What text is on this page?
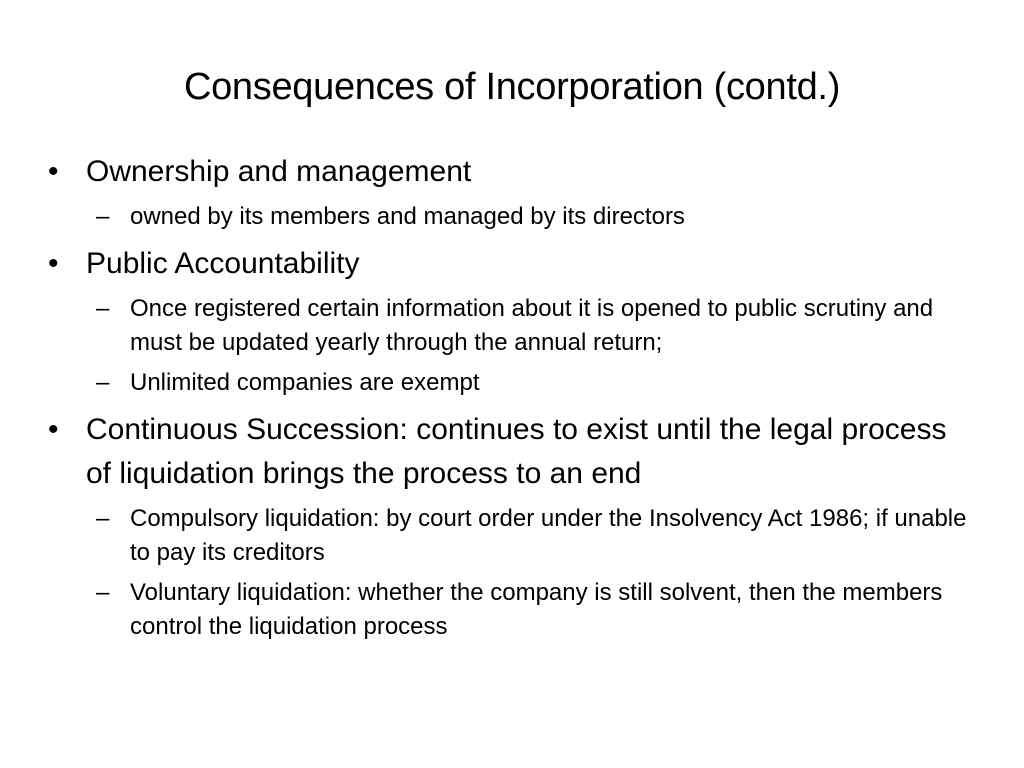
Consequences of Incorporation (contd.)
• Ownership and management
– owned by its members and managed by its directors
• Public Accountability
– Once registered certain information about it is opened to public scrutiny and must be updated yearly through the annual return;
– Unlimited companies are exempt
• Continuous Succession: continues to exist until the legal process of liquidation brings the process to an end
– Compulsory liquidation: by court order under the Insolvency Act 1986; if unable to pay its creditors
– Voluntary liquidation: whether the company is still solvent, then the members control the liquidation process
